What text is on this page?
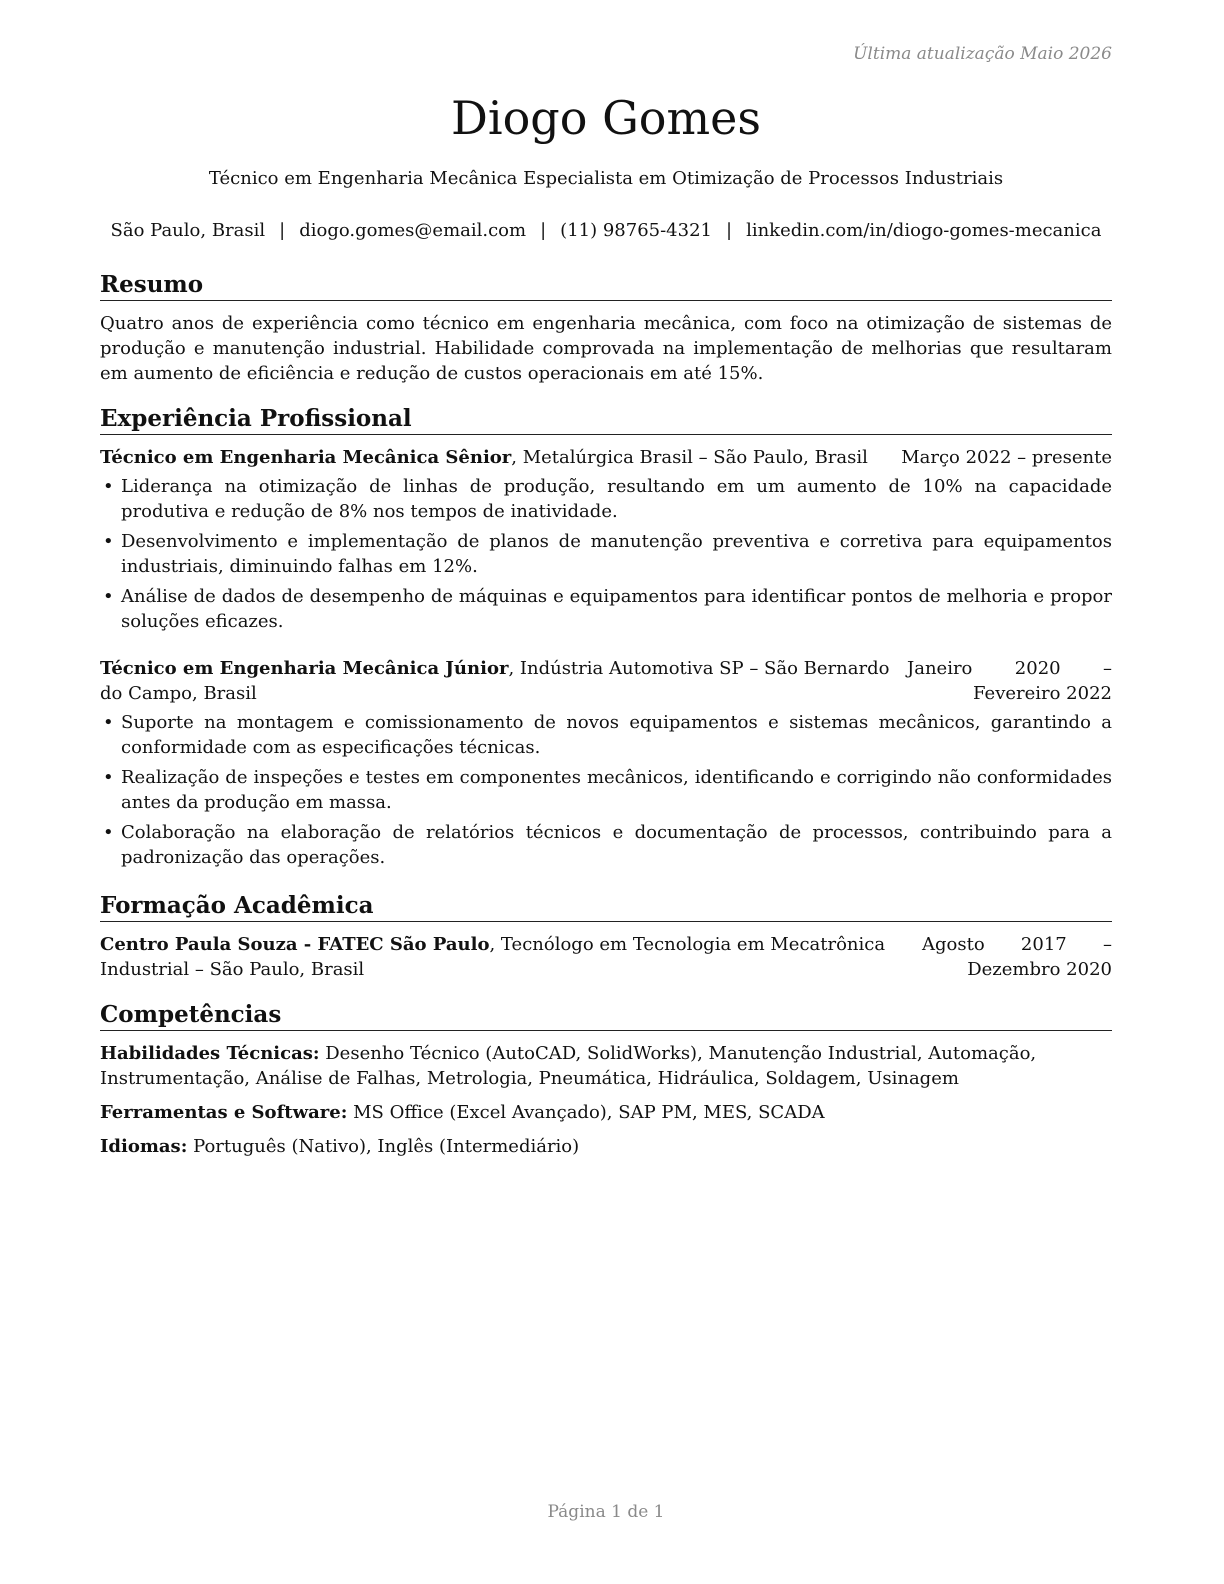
Última atualização Maio 2026
Diogo Gomes
Técnico em Engenharia Mecânica Especialista em Otimização de Processos Industriais
São Paulo, Brasil | diogo.gomes@email.com | (11) 98765-4321 | linkedin.com/in/diogo-gomes-mecanica
Resumo

Quatro anos de experiência como técnico em engenharia mecânica, com foco na otimização de sistemas de produção e manutenção industrial. Habilidade comprovada na implementação de melhorias que resultaram em aumento de eficiência e redução de custos operacionais em até 15%.

Experiência Profissional
Técnico em Engenharia Mecânica Sênior, Metalúrgica Brasil – São Paulo, Brasil	Março 2022 – presente
• Liderança na otimização de linhas de produção, resultando em um aumento de 10% na capacidade produtiva e redução de 8% nos tempos de inatividade.
• Desenvolvimento e implementação de planos de manutenção preventiva e corretiva para equipamentos industriais, diminuindo falhas em 12%.
• Análise de dados de desempenho de máquinas e equipamentos para identificar pontos de melhoria e propor soluções eficazes.
Técnico em Engenharia Mecânica Júnior, Indústria Automotiva SP – São Bernardo do Campo, Brasil
Janeiro 2020 – Fevereiro 2022
• Suporte na montagem e comissionamento de novos equipamentos e sistemas mecânicos, garantindo a conformidade com as especificações técnicas.
• Realização de inspeções e testes em componentes mecânicos, identificando e corrigindo não conformidades antes da produção em massa.
• Colaboração na elaboração de relatórios técnicos e documentação de processos, contribuindo para a padronização das operações.
Formação Acadêmica
Centro Paula Souza - FATEC São Paulo, Tecnólogo em Tecnologia em Mecatrônica Industrial – São Paulo, Brasil
Agosto 2017 – Dezembro 2020
Competências

Habilidades Técnicas: Desenho Técnico (AutoCAD, SolidWorks), Manutenção Industrial, Automação, Instrumentação, Análise de Falhas, Metrologia, Pneumática, Hidráulica, Soldagem, Usinagem

Ferramentas e Software: MS Office (Excel Avançado), SAP PM, MES, SCADA

Idiomas: Português (Nativo), Inglês (Intermediário)

Página 1 de 1
